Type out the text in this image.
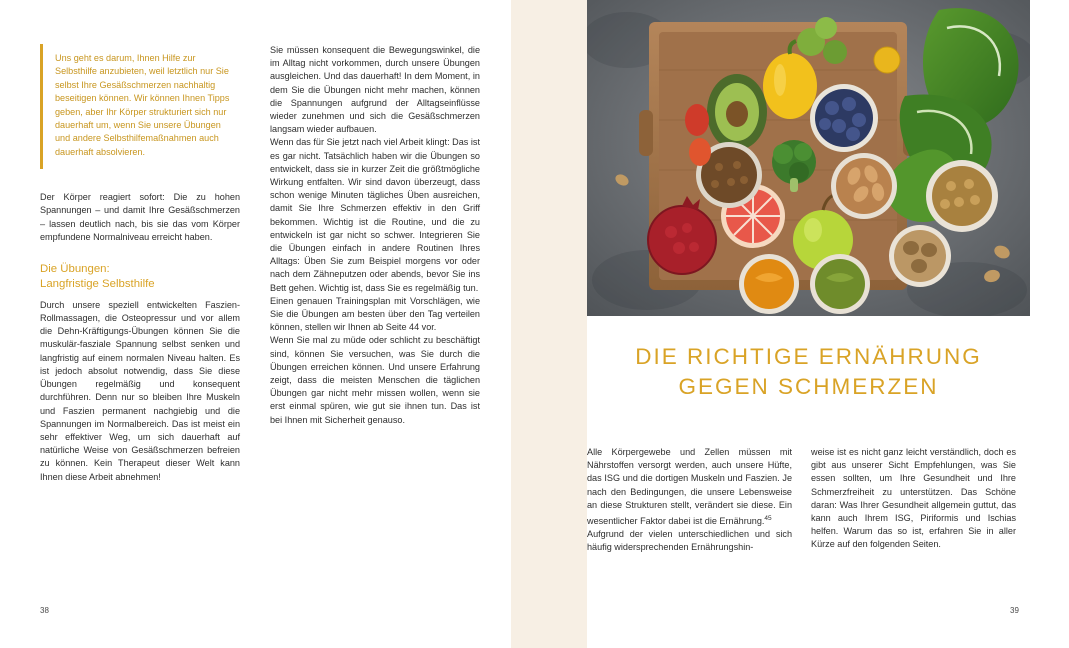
Uns geht es darum, Ihnen Hilfe zur Selbsthilfe anzubieten, weil letztlich nur Sie selbst Ihre Gesäßschmerzen nachhaltig beseitigen können. Wir können Ihnen Tipps geben, aber Ihr Körper strukturiert sich nur dauerhaft um, wenn Sie unsere Übungen und andere Selbsthilfemaßnahmen auch dauerhaft absolvieren.

Der Körper reagiert sofort: Die zu hohen Spannungen – und damit Ihre Gesäßschmerzen – lassen deutlich nach, bis sie das vom Körper empfundene Normalniveau erreicht haben.

Die Übungen:
Langfristige Selbsthilfe

Durch unsere speziell entwickelten Faszien-Rollmassagen, die Osteopressur und vor allem die Dehn-Kräftigungs-Übungen können Sie die muskulär-fasziale Spannung selbst senken und langfristig auf einem normalen Niveau halten. Es ist jedoch absolut notwendig, dass Sie diese Übungen regelmäßig und konsequent durchführen. Denn nur so bleiben Ihre Muskeln und Faszien permanent nachgiebig und die Spannungen im Normalbereich. Das ist meist ein sehr effektiver Weg, um sich dauerhaft auf natürliche Weise von Gesäßschmerzen befreien zu können. Kein Therapeut dieser Welt kann Ihnen diese Arbeit abnehmen!

Sie müssen konsequent die Bewegungswinkel, die im Alltag nicht vorkommen, durch unsere Übungen ausgleichen. Und das dauerhaft! In dem Moment, in dem Sie die Übungen nicht mehr machen, können die Spannungen aufgrund der Alltagseinflüsse wieder zunehmen und sich die Gesäßschmerzen langsam wieder aufbauen.

Wenn das für Sie jetzt nach viel Arbeit klingt: Das ist es gar nicht. Tatsächlich haben wir die Übungen so entwickelt, dass sie in kurzer Zeit die größtmögliche Wirkung entfalten. Wir sind davon überzeugt, dass schon wenige Minuten tägliches Üben ausreichen, damit Sie Ihre Schmerzen effektiv in den Griff bekommen. Wichtig ist die Routine, und die zu entwickeln ist gar nicht so schwer. Integrieren Sie die Übungen einfach in andere Routinen Ihres Alltags: Üben Sie zum Beispiel morgens vor oder nach dem Zähneputzen oder abends, bevor Sie ins Bett gehen. Wichtig ist, dass Sie es regelmäßig tun.

Einen genauen Trainingsplan mit Vorschlägen, wie Sie die Übungen am besten über den Tag verteilen können, stellen wir Ihnen ab Seite 44 vor.

Wenn Sie mal zu müde oder schlicht zu beschäftigt sind, können Sie versuchen, was Sie durch die Übungen erreichen können. Und unsere Erfahrung zeigt, dass die meisten Menschen die täglichen Übungen gar nicht mehr missen wollen, wenn sie erst einmal spüren, wie gut sie ihnen tun. Das ist bei Ihnen mit Sicherheit genauso.

38
DIE RICHTIGE ERNÄHRUNG
GEGEN SCHMERZEN

Alle Körpergewebe und Zellen müssen mit Nährstoffen versorgt werden, auch unsere Hüfte, das ISG und die dortigen Muskeln und Faszien. Je nach den Bedingungen, die unsere Lebensweise an diese Strukturen stellt, verändert sie diese. Ein wesentlicher Faktor dabei ist die Ernährung.$^{45}$

Aufgrund der vielen unterschiedlichen und sich häufig widersprechenden Ernährungshin-

weise ist es nicht ganz leicht verständlich, doch es gibt aus unserer Sicht Empfehlungen, was Sie essen sollten, um Ihre Gesundheit und Ihre Schmerzfreiheit zu unterstützen. Das Schöne daran: Was Ihrer Gesundheit allgemein guttut, das kann auch Ihrem ISG, Piriformis und Ischias helfen. Warum das so ist, erfahren Sie in aller Kürze auf den folgenden Seiten.

39
